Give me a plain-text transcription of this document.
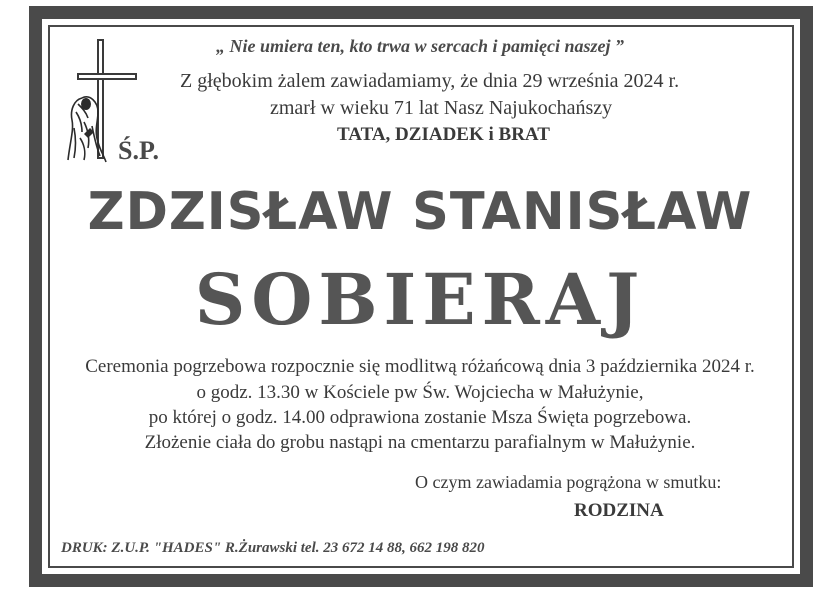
„ Nie umiera ten, kto trwa w sercach i pamięci naszej ”
Z głębokim żalem zawiadamiamy, że dnia 29 września 2024 r.
zmarł w wieku 71 lat Nasz Najukochańszy
TATA, DZIADEK i BRAT
Ś.P.
ZDZISŁAW STANISŁAW
SOBIERAJ
Ceremonia pogrzebowa rozpocznie się modlitwą różańcową dnia 3 października 2024 r.
o godz. 13.30 w Kościele pw Św. Wojciecha w Małużynie,
po której o godz. 14.00 odprawiona zostanie Msza Święta pogrzebowa.
Złożenie ciała do grobu nastąpi na cmentarzu parafialnym w Małużynie.
O czym zawiadamia pogrążona w smutku:
RODZINA
DRUK: Z.U.P. "HADES" R.Żurawski tel. 23 672 14 88, 662 198 820
